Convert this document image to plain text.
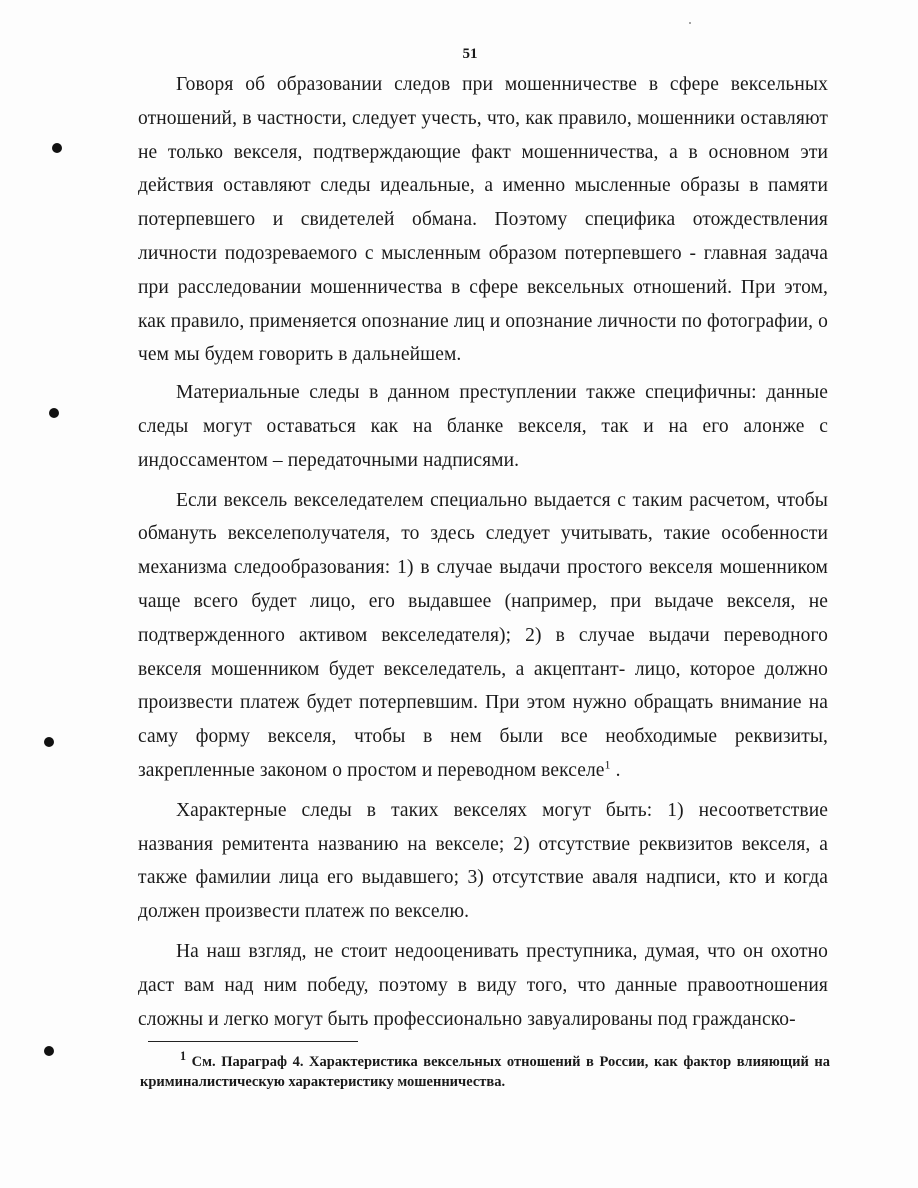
51

Говоря об образовании следов при мошенничестве в сфере вексельных отношений, в частности, следует учесть, что, как правило, мошенники оставляют не только векселя, подтверждающие факт мошенничества, а в основном эти действия оставляют следы идеальные, а именно мысленные образы в памяти потерпевшего и свидетелей обмана. Поэтому специфика отождествления личности подозреваемого с мысленным образом потерпевшего - главная задача при расследовании мошенничества в сфере вексельных отношений. При этом, как правило, применяется опознание лиц и опознание личности по фотографии, о чем мы будем говорить в дальнейшем.

Материальные следы в данном преступлении также специфичны: данные следы могут оставаться как на бланке векселя, так и на его алонже с индоссаментом – передаточными надписями.

Если вексель векселедателем специально выдается с таким расчетом, чтобы обмануть векселеполучателя, то здесь следует учитывать, такие особенности механизма следообразования: 1) в случае выдачи простого векселя мошенником чаще всего будет лицо, его выдавшее (например, при выдаче векселя, не подтвержденного активом векселедателя); 2) в случае выдачи переводного векселя мошенником будет векселедатель, а акцептант- лицо, которое должно произвести платеж будет потерпевшим. При этом нужно обращать внимание на саму форму векселя, чтобы в нем были все необходимые реквизиты, закрепленные законом о простом и переводном векселе$^1$ .

Характерные следы в таких векселях могут быть: 1) несоответствие названия ремитента названию на векселе; 2) отсутствие реквизитов векселя, а также фамилии лица его выдавшего; 3) отсутствие аваля надписи, кто и когда должен произвести платеж по векселю.

На наш взгляд, не стоит недооценивать преступника, думая, что он охотно даст вам над ним победу, поэтому в виду того, что данные правоотношения сложны и легко могут быть профессионально завуалированы под гражданско-

$^1$ См. Параграф 4. Характеристика вексельных отношений в России, как фактор влияющий на криминалистическую характеристику мошенничества.
